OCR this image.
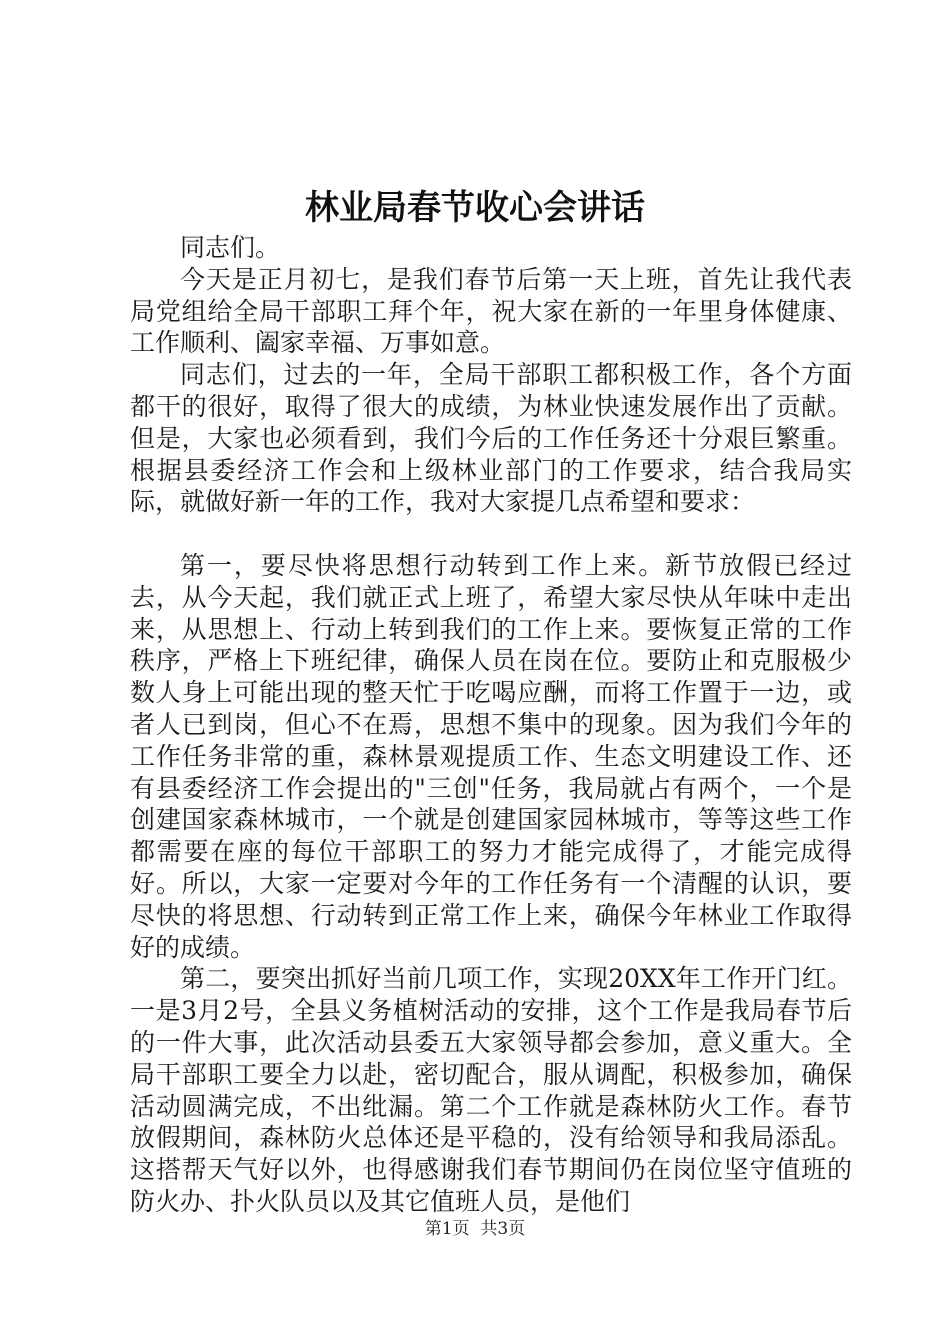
林业局春节收心会讲话

同志们。

今天是正月初七，是我们春节后第一天上班，首先让我代表局党组给全局干部职工拜个年，祝大家在新的一年里身体健康、工作顺利、阖家幸福、万事如意。

同志们，过去的一年，全局干部职工都积极工作，各个方面都干的很好，取得了很大的成绩，为林业快速发展作出了贡献。但是，大家也必须看到，我们今后的工作任务还十分艰巨繁重。根据县委经济工作会和上级林业部门的工作要求，结合我局实际，就做好新一年的工作，我对大家提几点希望和要求：

第一，要尽快将思想行动转到工作上来。新节放假已经过去，从今天起，我们就正式上班了，希望大家尽快从年味中走出来，从思想上、行动上转到我们的工作上来。要恢复正常的工作秩序，严格上下班纪律，确保人员在岗在位。要防止和克服极少数人身上可能出现的整天忙于吃喝应酬，而将工作置于一边，或者人已到岗，但心不在焉，思想不集中的现象。因为我们今年的工作任务非常的重，森林景观提质工作、生态文明建设工作、还有县委经济工作会提出的"三创"任务，我局就占有两个，一个是创建国家森林城市，一个就是创建国家园林城市，等等这些工作都需要在座的每位干部职工的努力才能完成得了，才能完成得好。所以，大家一定要对今年的工作任务有一个清醒的认识，要尽快的将思想、行动转到正常工作上来，确保今年林业工作取得好的成绩。

第二，要突出抓好当前几项工作，实现20XX年工作开门红。一是3月2号，全县义务植树活动的安排，这个工作是我局春节后的一件大事，此次活动县委五大家领导都会参加，意义重大。全局干部职工要全力以赴，密切配合，服从调配，积极参加，确保活动圆满完成，不出纰漏。第二个工作就是森林防火工作。春节放假期间，森林防火总体还是平稳的，没有给领导和我局添乱。这搭帮天气好以外，也得感谢我们春节期间仍在岗位坚守值班的防火办、扑火队员以及其它值班人员，是他们

第1页 共3页
